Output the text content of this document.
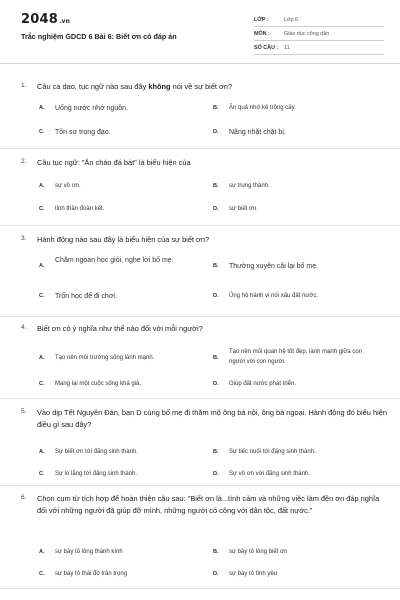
2048.vn
Trắc nghiệm GDCD 6 Bài 6: Biết ơn có đáp án
LỚP :	Lớp 6
MÔN :	Giáo dục công dân
SỐ CÂU : 11
1. Câu ca dao, tục ngữ nào sau đây không nói về sự biết ơn?
A. Uống nước nhớ nguồn.	B. Ăn quả nhớ kẻ trồng cây.
C. Tôn sư trọng đạo.	D. Nâng nhặt chặt bị.
2. Câu tục ngữ: "Ăn cháo đá bát" là biểu hiện của
A. sự vô ơn.	B. sự trung thành.
C. tinh thần đoàn kết.	D. sự biết ơn.
3. Hành động nào sau đây là biểu hiện của sự biết ơn?
A.
Chăm ngoan học giỏi, nghe lời bố mẹ.
B. Thường xuyên cãi lại bố mẹ.
C. Trốn học để đi chơi.	D. Ủng hộ hành vi nói xấu đất nước.
4. Biết ơn có ý nghĩa như thế nào đối với mỗi người?
A. Tạo nên môi trường sống lành mạnh.	B.
Tạo nên mối quan hệ tốt đẹp, lành mạnh giữa con người với con người.
C. Mang lại một cuộc sống khá giả.	D. Giúp đất nước phát triển.
5. Vào dịp Tết Nguyên Đán, bạn D cùng bố mẹ đi thăm mộ ông bà nội, ông bà ngoại. Hành động đó biểu hiện điều gì sau đây?
A. Sự biết ơn tới đấng sinh thành.	B. Sự tiếc nuối tới đấng sinh thành.
C. Sự lo lắng tới đấng sinh thành.	D. Sự vô ơn với đấng sinh thành.
6. Chọn cụm từ tích hợp để hoàn thiện câu sau: "Biết ơn là...tình cảm và những việc làm đền ơn đáp nghĩa đối với những người đã giúp đỡ mình, những người có công với dân tộc, đất nước."
A. sự bày tỏ lòng thành kính	B. sự bày tỏ lòng biết ơn
C. sự bày tỏ thái độ trân trọng	D. sự bày tỏ tình yêu
